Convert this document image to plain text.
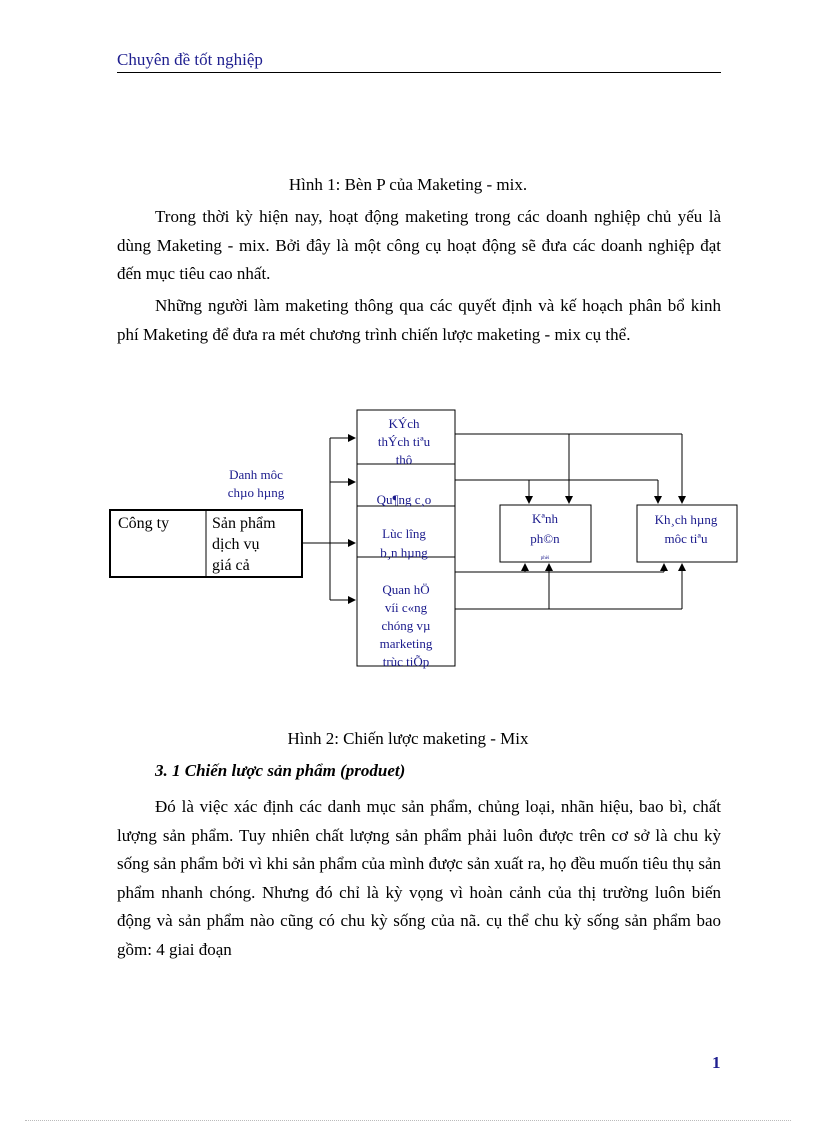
Chuyên đề tốt nghiệp
Hình 1: Bèn P của Maketing - mix.

Trong thời kỳ hiện nay, hoạt động maketing trong các doanh nghiệp chủ yếu là dùng Maketing - mix. Bởi đây là một công cụ hoạt động sẽ đưa các doanh nghiệp đạt đến mục tiêu cao nhất.

Những người làm maketing thông qua các quyết định và kế hoạch phân bổ kinh phí Maketing để đưa ra mét chương trình chiến lược maketing - mix cụ thể.

Danh môc
chµo hµng
Công ty	Sản phẩm
dịch vụ
giá cả
KÝch
thÝch tiªu
thô
Qu¶ng c¸o
Lùc lîng
b¸n hµng
Quan hÖ
víi c«ng
chóng vµ
marketing
trùc tiÕp
Kªnh
ph©n
phèi
Kh¸ch hµng
môc tiªu
Hình 2: Chiến lược maketing - Mix
3. 1 Chiến lược sản phẩm (produet)

Đó là việc xác định các danh mục sản phẩm, chủng loại, nhãn hiệu, bao bì, chất lượng sản phẩm. Tuy nhiên chất lượng sản phẩm phải luôn được trên cơ sở là chu kỳ sống sản phẩm bởi vì khi sản phẩm của mình được sản xuất ra, họ đều muốn tiêu thụ sản phẩm nhanh chóng. Nhưng đó chỉ là kỳ vọng vì hoàn cảnh của thị trường luôn biến động và sản phẩm nào cũng có chu kỳ sống của nã. cụ thể chu kỳ sống sản phẩm bao gồm: 4 giai đoạn

1
